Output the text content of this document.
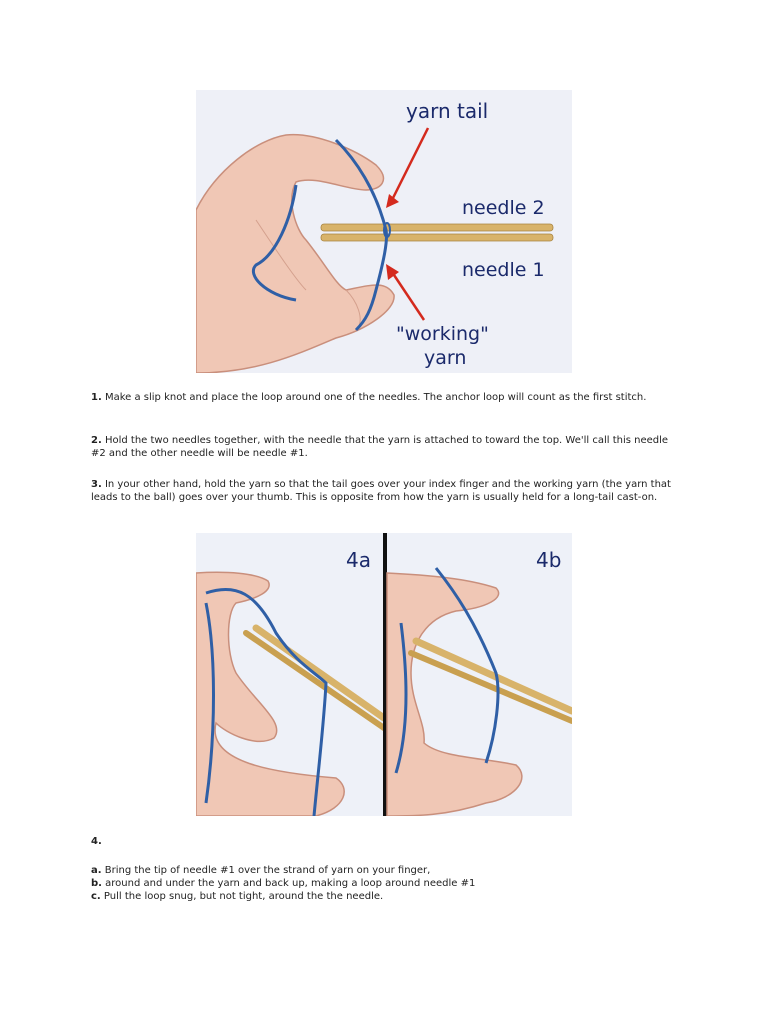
yarn tail
needle 2
needle 1
"working"
yarn

1. Make a slip knot and place the loop around one of the needles. The anchor loop will count as the first stitch.

2. Hold the two needles together, with the needle that the yarn is attached to toward the top. We'll call this needle #2 and the other needle will be needle #1.

3. In your other hand, hold the yarn so that the tail goes over your index finger and the working yarn (the yarn that leads to the ball) goes over your thumb. This is opposite from how the yarn is usually held for a long-tail cast-on.

4a	4b

4.

a. Bring the tip of needle #1 over the strand of yarn on your finger,
b. around and under the yarn and back up, making a loop around needle #1
c. Pull the loop snug, but not tight, around the the needle.
